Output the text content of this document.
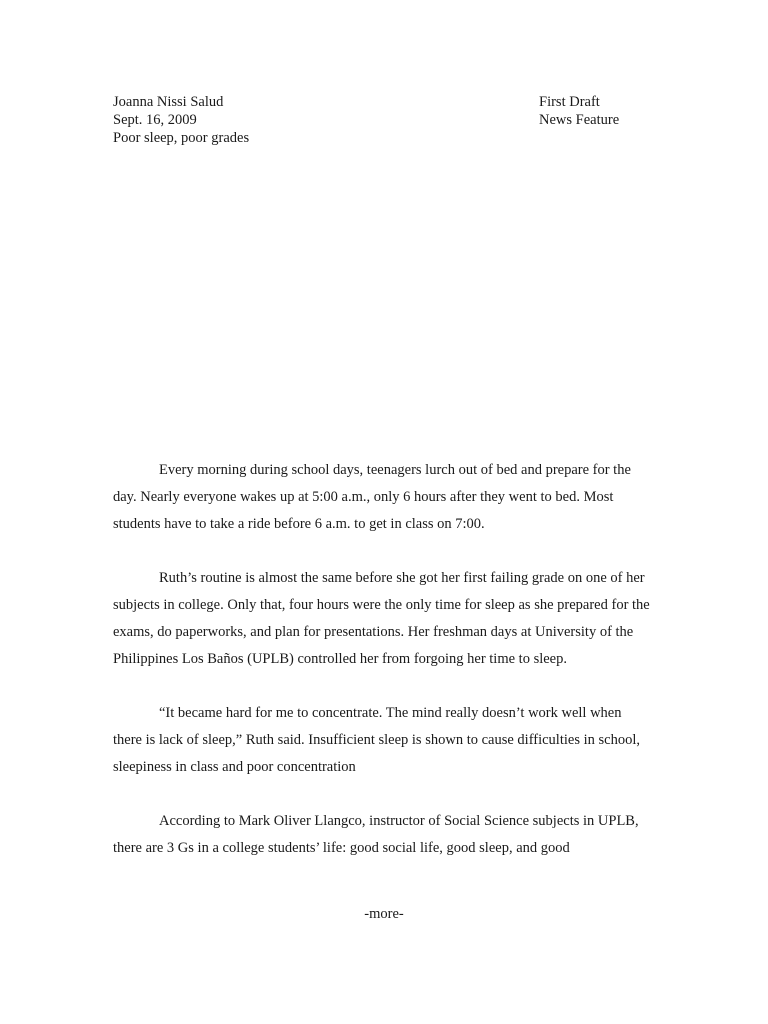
Joanna Nissi Salud
Sept. 16, 2009
Poor sleep, poor grades
First Draft
News Feature

Every morning during school days, teenagers lurch out of bed and prepare for the day. Nearly everyone wakes up at 5:00 a.m., only 6 hours after they went to bed. Most students have to take a ride before 6 a.m. to get in class on 7:00.

Ruth’s routine is almost the same before she got her first failing grade on one of her subjects in college. Only that, four hours were the only time for sleep as she prepared for the exams, do paperworks, and plan for presentations. Her freshman days at University of the Philippines Los Baños (UPLB) controlled her from forgoing her time to sleep.

“It became hard for me to concentrate. The mind really doesn’t work well when there is lack of sleep,” Ruth said. Insufficient sleep is shown to cause difficulties in school, sleepiness in class and poor concentration

According to Mark Oliver Llangco, instructor of Social Science subjects in UPLB, there are 3 Gs in a college students’ life: good social life, good sleep, and good

-more-
